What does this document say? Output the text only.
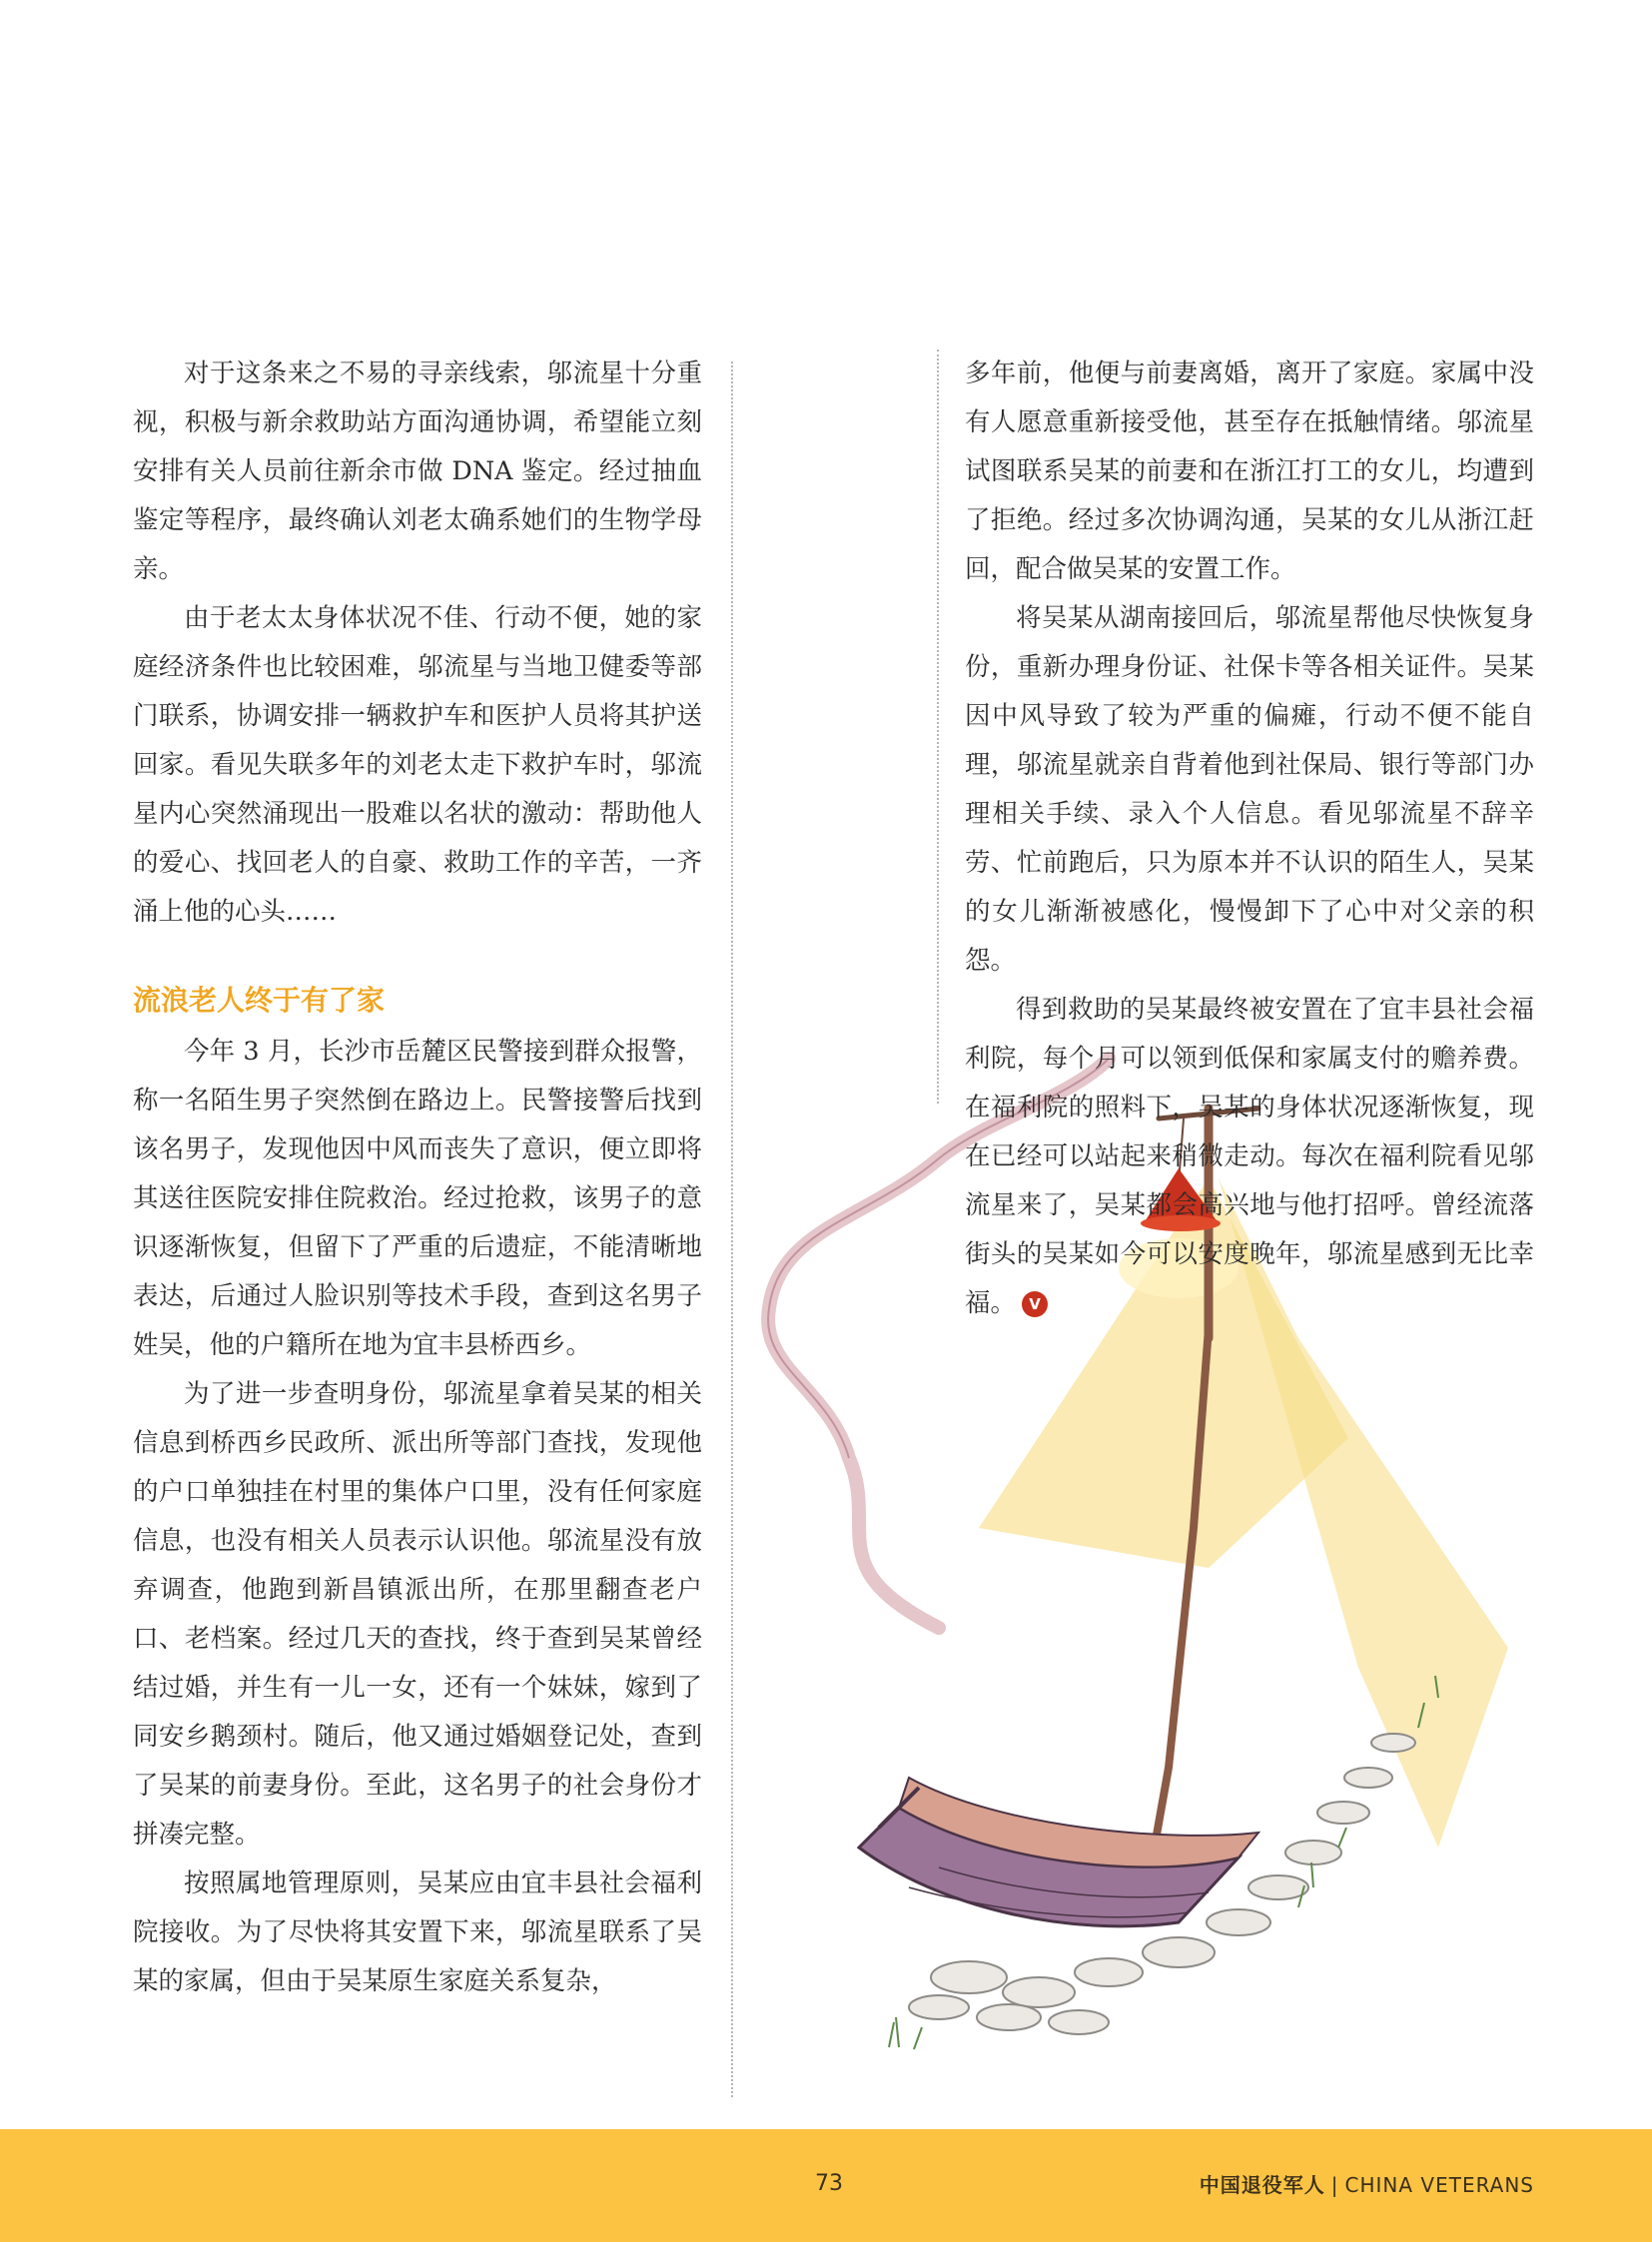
对于这条来之不易的寻亲线索，邬流星十分重视，积极与新余救助站方面沟通协调，希望能立刻安排有关人员前往新余市做 DNA 鉴定。经过抽血鉴定等程序，最终确认刘老太确系她们的生物学母亲。

由于老太太身体状况不佳、行动不便，她的家庭经济条件也比较困难，邬流星与当地卫健委等部门联系，协调安排一辆救护车和医护人员将其护送回家。看见失联多年的刘老太走下救护车时，邬流星内心突然涌现出一股难以名状的激动：帮助他人的爱心、找回老人的自豪、救助工作的辛苦，一齐涌上他的心头……

流浪老人终于有了家

今年 3 月，长沙市岳麓区民警接到群众报警，称一名陌生男子突然倒在路边上。民警接警后找到该名男子，发现他因中风而丧失了意识，便立即将其送往医院安排住院救治。经过抢救，该男子的意识逐渐恢复，但留下了严重的后遗症，不能清晰地表达，后通过人脸识别等技术手段，查到这名男子姓吴，他的户籍所在地为宜丰县桥西乡。

为了进一步查明身份，邬流星拿着吴某的相关信息到桥西乡民政所、派出所等部门查找，发现他的户口单独挂在村里的集体户口里，没有任何家庭信息，也没有相关人员表示认识他。邬流星没有放弃调查，他跑到新昌镇派出所，在那里翻查老户口、老档案。经过几天的查找，终于查到吴某曾经结过婚，并生有一儿一女，还有一个妹妹，嫁到了同安乡鹅颈村。随后，他又通过婚姻登记处，查到了吴某的前妻身份。至此，这名男子的社会身份才拼凑完整。

按照属地管理原则，吴某应由宜丰县社会福利院接收。为了尽快将其安置下来，邬流星联系了吴某的家属，但由于吴某原生家庭关系复杂，

多年前，他便与前妻离婚，离开了家庭。家属中没有人愿意重新接受他，甚至存在抵触情绪。邬流星试图联系吴某的前妻和在浙江打工的女儿，均遭到了拒绝。经过多次协调沟通，吴某的女儿从浙江赶回，配合做吴某的安置工作。

将吴某从湖南接回后，邬流星帮他尽快恢复身份，重新办理身份证、社保卡等各相关证件。吴某因中风导致了较为严重的偏瘫，行动不便不能自理，邬流星就亲自背着他到社保局、银行等部门办理相关手续、录入个人信息。看见邬流星不辞辛劳、忙前跑后，只为原本并不认识的陌生人，吴某的女儿渐渐被感化，慢慢卸下了心中对父亲的积怨。

得到救助的吴某最终被安置在了宜丰县社会福利院，每个月可以领到低保和家属支付的赡养费。在福利院的照料下，吴某的身体状况逐渐恢复，现在已经可以站起来稍微走动。每次在福利院看见邬流星来了，吴某都会高兴地与他打招呼。曾经流落街头的吴某如今可以安度晚年，邬流星感到无比幸福。 V

73	中国退役军人 | CHINA VETERANS
